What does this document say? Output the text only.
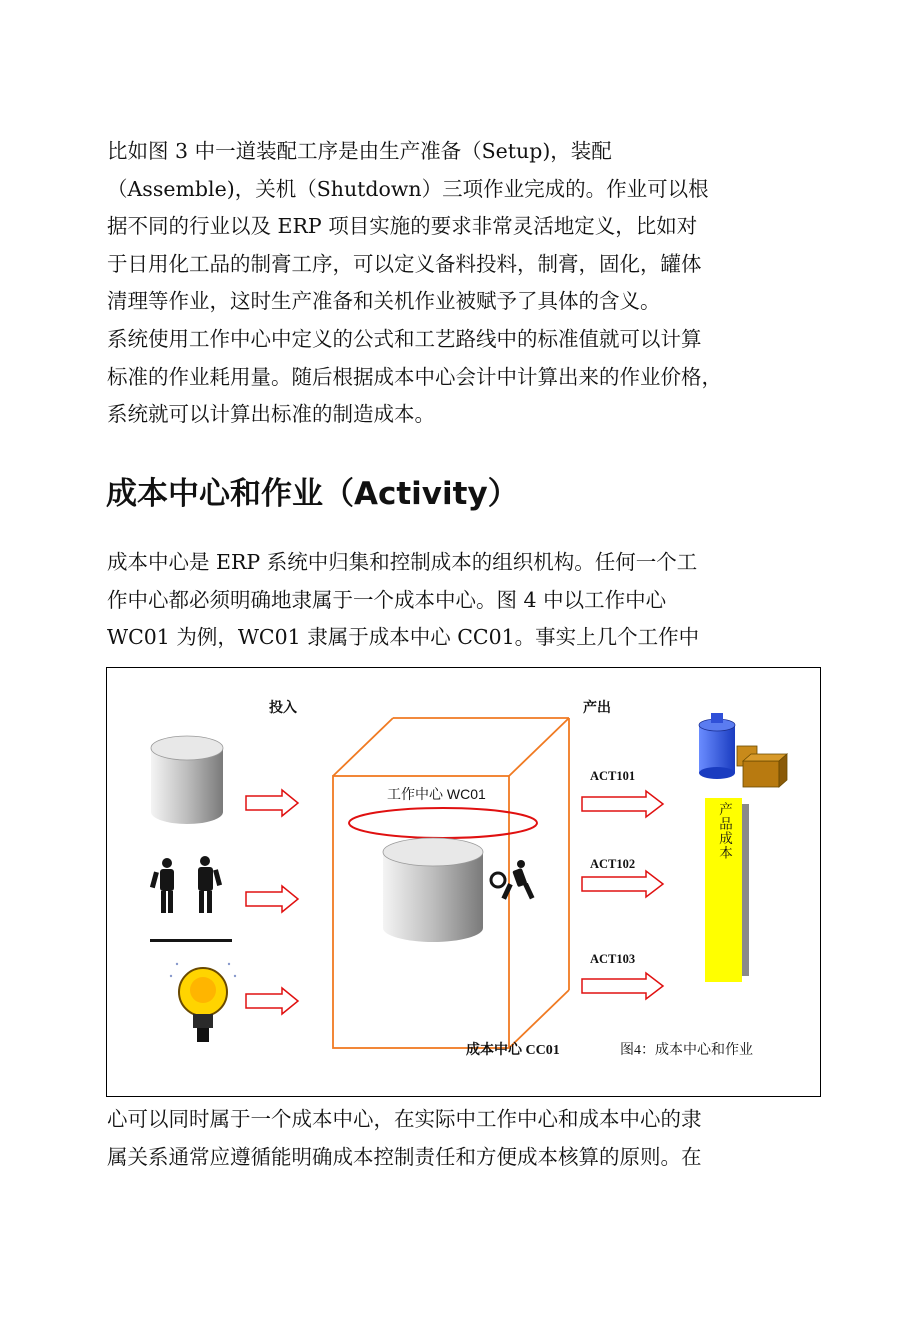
比如图 3 中一道装配工序是由生产准备（Setup)，装配
（Assemble)，关机（Shutdown）三项作业完成的。作业可以根
据不同的行业以及 ERP 项目实施的要求非常灵活地定义，比如对
于日用化工品的制膏工序，可以定义备料投料，制膏，固化，罐体
清理等作业，这时生产准备和关机作业被赋予了具体的含义。
系统使用工作中心中定义的公式和工艺路线中的标准值就可以计算
标准的作业耗用量。随后根据成本中心会计中计算出来的作业价格，
系统就可以计算出标准的制造成本。
成本中心和作业（Activity）
成本中心是 ERP 系统中归集和控制成本的组织机构。任何一个工
作中心都必须明确地隶属于一个成本中心。图 4 中以工作中心
WC01 为例，WC01 隶属于成本中心 CC01。事实上几个工作中
投入	产出
工作中心 WC01
ACT101
ACT102
ACT103
产品成本
成本中心 CC01	图4：成本中心和作业
心可以同时属于一个成本中心，在实际中工作中心和成本中心的隶
属关系通常应遵循能明确成本控制责任和方便成本核算的原则。在
